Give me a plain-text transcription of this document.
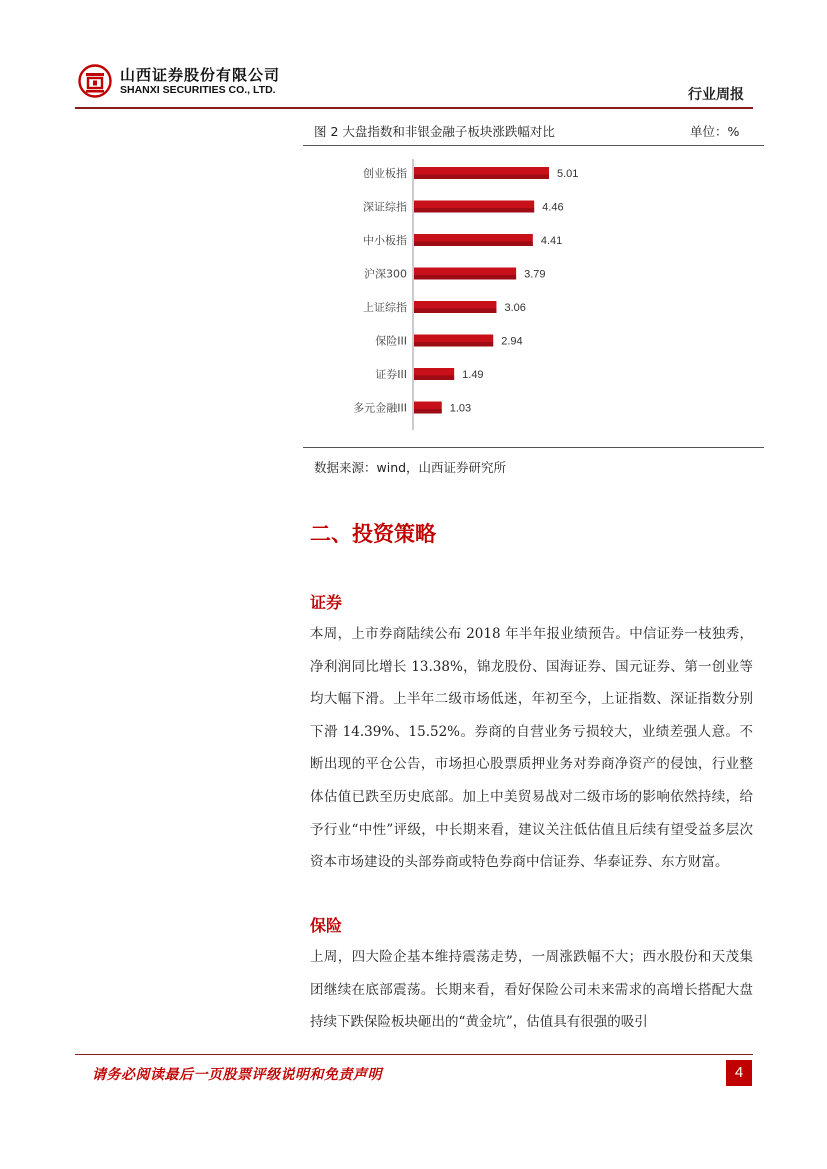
山西证券股份有限公司
SHANXI SECURITIES CO., LTD.	行业周报
图 2 大盘指数和非银金融子板块涨跌幅对比	单位：%
创业板指	5.01
深证综指	4.46
中小板指	4.41
沪深300	3.79
上证综指	3.06
保险III	2.94
证券III	1.49
多元金融III	1.03
数据来源：wind，山西证券研究所
二、投资策略
证券
本周，上市券商陆续公布 2018 年半年报业绩预告。中信证券一枝独秀，净利润同比增长 13.38%，锦龙股份、国海证券、国元证券、第一创业等均大幅下滑。上半年二级市场低迷，年初至今，上证指数、深证指数分别下滑 14.39%、15.52%。券商的自营业务亏损较大，业绩差强人意。不断出现的平仓公告，市场担心股票质押业务对券商净资产的侵蚀，行业整体估值已跌至历史底部。加上中美贸易战对二级市场的影响依然持续，给予行业“中性”评级，中长期来看，建议关注低估值且后续有望受益多层次资本市场建设的头部券商或特色券商中信证券、华泰证券、东方财富。
保险
上周，四大险企基本维持震荡走势，一周涨跌幅不大；西水股份和天茂集团继续在底部震荡。长期来看，看好保险公司未来需求的高增长搭配大盘持续下跌保险板块砸出的“黄金坑”，估值具有很强的吸引
请务必阅读最后一页股票评级说明和免责声明	4
